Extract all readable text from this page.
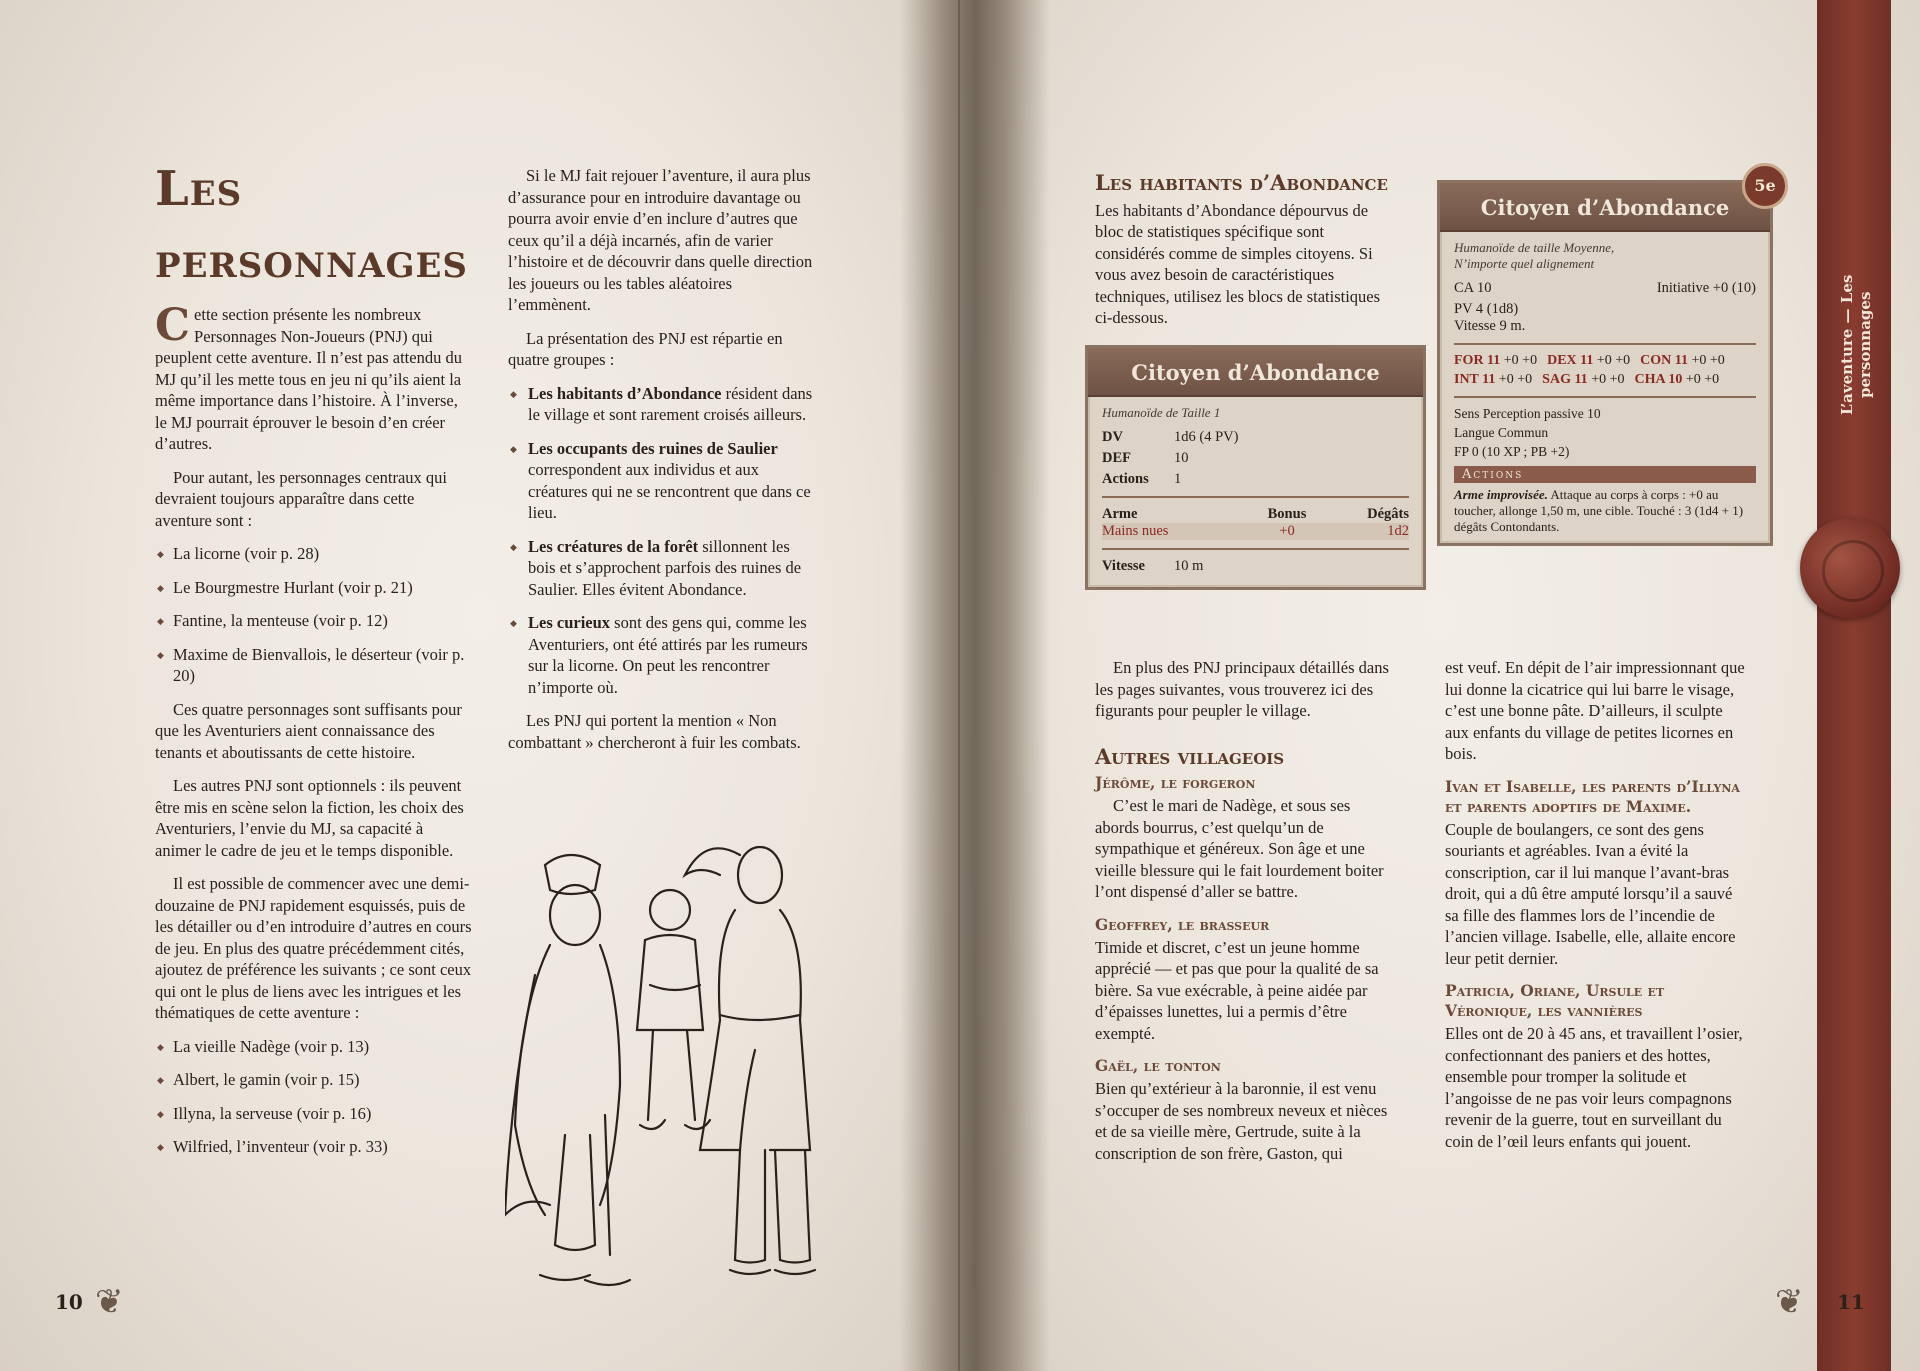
Les
personnages

Cette section présente les nombreux Personnages Non-Joueurs (PNJ) qui peuplent cette aventure. Il n’est pas attendu du MJ qu’il les mette tous en jeu ni qu’ils aient la même importance dans l’histoire. À l’inverse, le MJ pourrait éprouver le besoin d’en créer d’autres.

Pour autant, les personnages centraux qui devraient toujours apparaître dans cette aventure sont :

◆ La licorne (voir p. 28)
◆ Le Bourgmestre Hurlant (voir p. 21)
◆ Fantine, la menteuse (voir p. 12)
◆ Maxime de Bienvallois, le déserteur (voir p. 20)

Ces quatre personnages sont suffisants pour que les Aventuriers aient connaissance des tenants et aboutissants de cette histoire.

Les autres PNJ sont optionnels : ils peuvent être mis en scène selon la fiction, les choix des Aventuriers, l’envie du MJ, sa capacité à animer le cadre de jeu et le temps disponible.

Il est possible de commencer avec une demi-douzaine de PNJ rapidement esquissés, puis de les détailler ou d’en introduire d’autres en cours de jeu. En plus des quatre précédemment cités, ajoutez de préférence les suivants ; ce sont ceux qui ont le plus de liens avec les intrigues et les thématiques de cette aventure :

◆ La vieille Nadège (voir p. 13)
◆ Albert, le gamin (voir p. 15)
◆ Illyna, la serveuse (voir p. 16)
◆ Wilfried, l’inventeur (voir p. 33)

Si le MJ fait rejouer l’aventure, il aura plus d’assurance pour en introduire davantage ou pourra avoir envie d’en inclure d’autres que ceux qu’il a déjà incarnés, afin de varier l’histoire et de découvrir dans quelle direction les joueurs ou les tables aléatoires l’emmènent.

La présentation des PNJ est répartie en quatre groupes :

◆ Les habitants d’Abondance résident dans le village et sont rarement croisés ailleurs.
◆ Les occupants des ruines de Saulier correspondent aux individus et aux créatures qui ne se rencontrent que dans ce lieu.
◆ Les créatures de la forêt sillonnent les bois et s’approchent parfois des ruines de Saulier. Elles évitent Abondance.
◆ Les curieux sont des gens qui, comme les Aventuriers, ont été attirés par les rumeurs sur la licorne. On peut les rencontrer n’importe où.

Les PNJ qui portent la mention « Non combattant » chercheront à fuir les combats.

❦
10
Les habitants d’Abondance

Les habitants d’Abondance dépourvus de bloc de statistiques spécifique sont considérés comme de simples citoyens. Si vous avez besoin de caractéristiques techniques, utilisez les blocs de statistiques ci-dessous.

Citoyen d’Abondance
Humanoïde de Taille 1
DV	1d6 (4 PV)
DEF	10
Actions	1
Arme	Bonus	Dégâts
Mains nues	+0	1d2
Vitesse	10 m
Citoyen d’Abondance
Humanoïde de taille Moyenne,
N’importe quel alignement
CA 10	Initiative +0 (10)
PV 4 (1d8)
Vitesse 9 m.
FOR 11 +0 +0 DEX 11 +0 +0 CON 11 +0 +0
INT 11 +0 +0 SAG 11 +0 +0 CHA 10 +0 +0
Sens Perception passive 10
Langue Commun
FP 0 (10 XP ; PB +2)
Actions
Arme improvisée. Attaque au corps à corps : +0 au toucher, allonge 1,50 m, une cible. Touché : 3 (1d4 + 1) dégâts Contondants.
5e

En plus des PNJ principaux détaillés dans les pages suivantes, vous trouverez ici des figurants pour peupler le village.

Autres villageois
Jérôme, le forgeron

C’est le mari de Nadège, et sous ses abords bourrus, c’est quelqu’un de sympathique et généreux. Son âge et une vieille blessure qui le fait lourdement boiter l’ont dispensé d’aller se battre.

Geoffrey, le brasseur

Timide et discret, c’est un jeune homme apprécié — et pas que pour la qualité de sa bière. Sa vue exécrable, à peine aidée par d’épaisses lunettes, lui a permis d’être exempté.

Gaël, le tonton

Bien qu’extérieur à la baronnie, il est venu s’occuper de ses nombreux neveux et nièces et de sa vieille mère, Gertrude, suite à la conscription de son frère, Gaston, qui

est veuf. En dépit de l’air impressionnant que lui donne la cicatrice qui lui barre le visage, c’est une bonne pâte. D’ailleurs, il sculpte aux enfants du village de petites licornes en bois.

Ivan et Isabelle, les parents d’Illyna et parents adoptifs de Maxime.

Couple de boulangers, ce sont des gens souriants et agréables. Ivan a évité la conscription, car il lui manque l’avant-bras droit, qui a dû être amputé lorsqu’il a sauvé sa fille des flammes lors de l’incendie de l’ancien village. Isabelle, elle, allaite encore leur petit dernier.

Patricia, Oriane, Ursule et Véronique, les vannières

Elles ont de 20 à 45 ans, et travaillent l’osier, confectionnant des paniers et des hottes, ensemble pour tromper la solitude et l’angoisse de ne pas voir leurs compagnons revenir de la guerre, tout en surveillant du coin de l’œil leurs enfants qui jouent.

L’aventure — Les personnages
❦ 11
